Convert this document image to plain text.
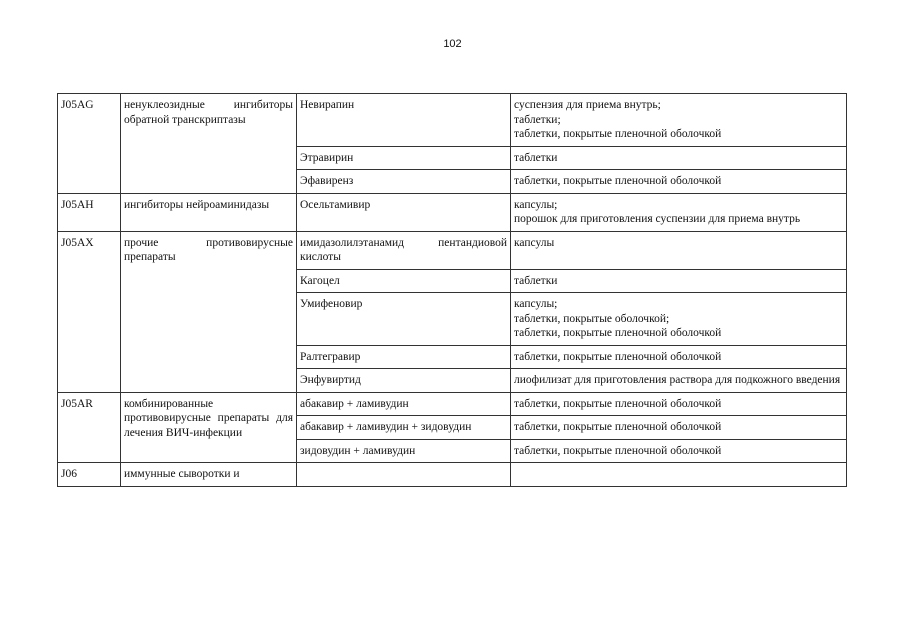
102
J05AG	ненуклеозидные ингибиторы обратной транскриптазы	Невирапин	суспензия для приема внутрь;
таблетки;
таблетки, покрытые пленочной оболочкой

		Этравирин	таблетки

		Эфавиренз	таблетки, покрытые пленочной оболочкой

J05AH	ингибиторы нейроаминидазы	Осельтамивир	капсулы;
порошок для приготовления суспензии для приема внутрь

J05AX	прочие противовирусные препараты	имидазолилэтанамид пентандиовой кислоты	капсулы

		Кагоцел	таблетки

		Умифеновир	капсулы;
таблетки, покрытые оболочкой;
таблетки, покрытые пленочной оболочкой

		Ралтегравир	таблетки, покрытые пленочной оболочкой

		Энфувиртид	лиофилизат для приготовления раствора для подкожного введения

J05AR	комбинированные противовирусные препараты для лечения ВИЧ-инфекции	абакавир + ламивудин	таблетки, покрытые пленочной оболочкой

		абакавир + ламивудин + зидовудин	таблетки, покрытые пленочной оболочкой

		зидовудин + ламивудин	таблетки, покрытые пленочной оболочкой

J06	иммунные сыворотки и		
